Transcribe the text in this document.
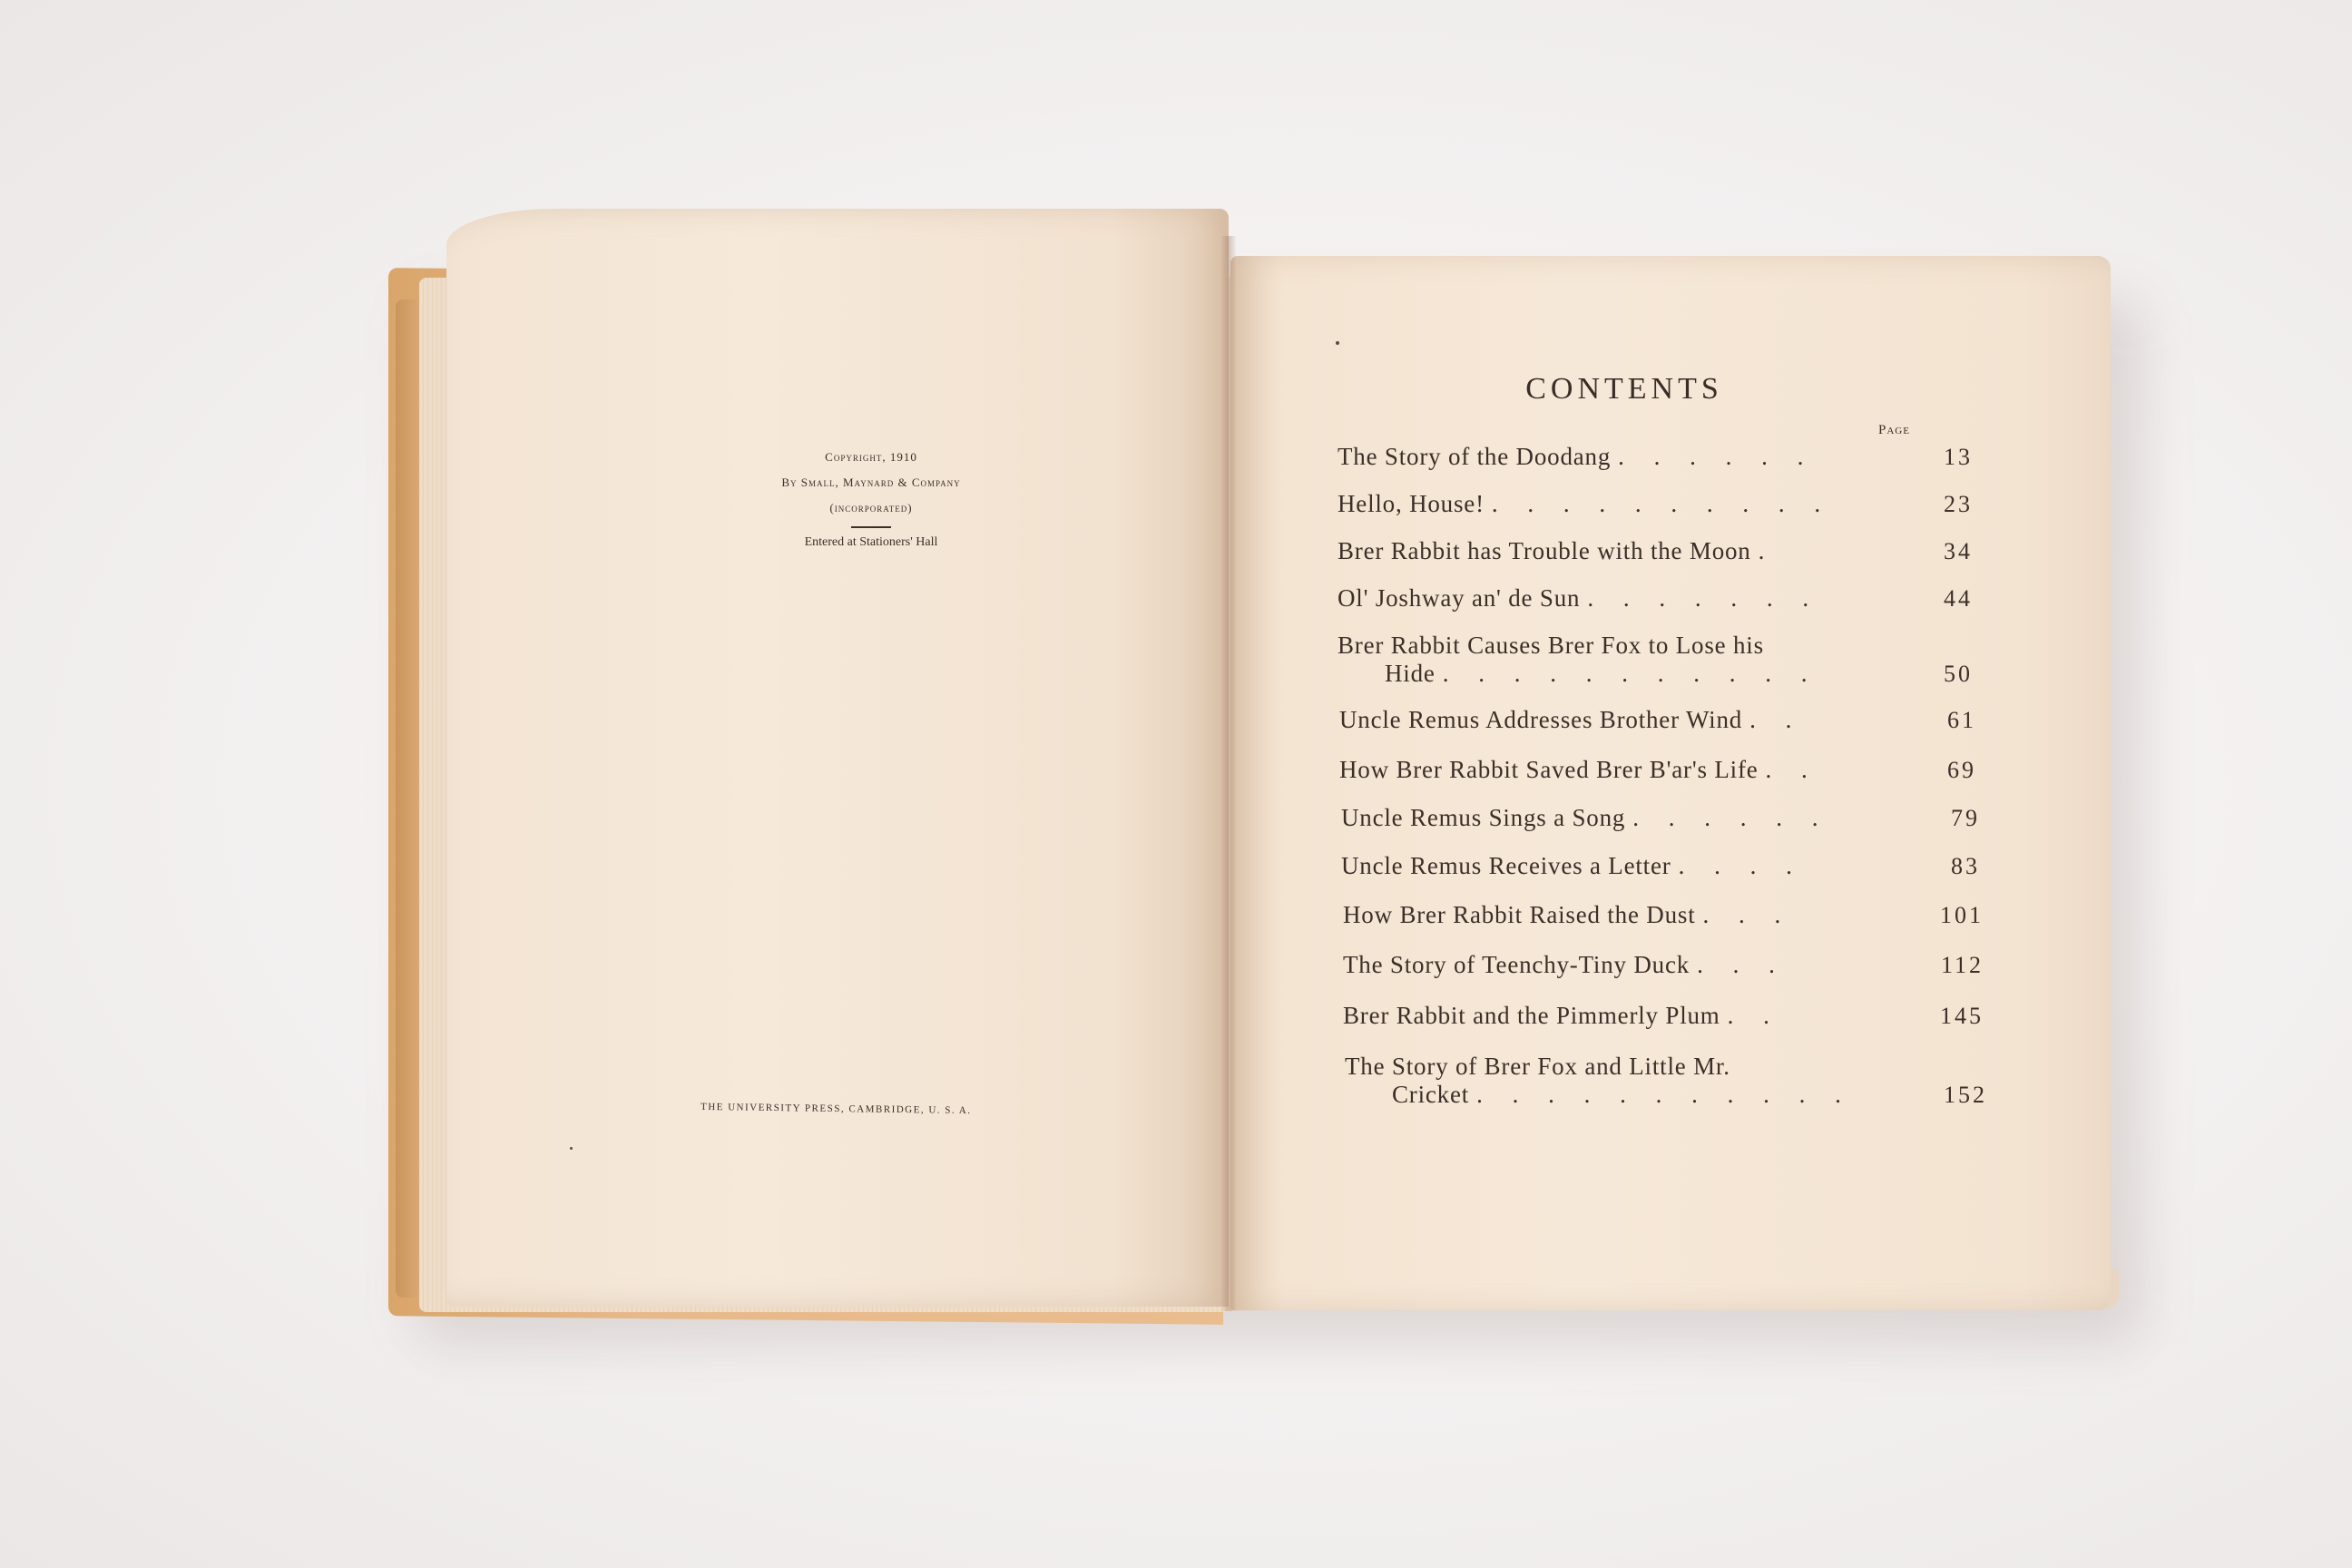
Copyright, 1910
By Small, Maynard & Company
(incorporated)
Entered at Stationers' Hall
THE UNIVERSITY PRESS, CAMBRIDGE, U. S. A.
CONTENTS
Page
The Story of the Doodang . . . . . .	13
Hello, House! . . . . . . . . . .	23
Brer Rabbit has Trouble with the Moon .	34
Ol' Joshway an' de Sun . . . . . . .	44
Brer Rabbit Causes Brer Fox to Lose his
Hide . . . . . . . . . . .	50
Uncle Remus Addresses Brother Wind . .	61
How Brer Rabbit Saved Brer B'ar's Life . .	69
Uncle Remus Sings a Song . . . . . .	79
Uncle Remus Receives a Letter . . . .	83
How Brer Rabbit Raised the Dust . . .	101
The Story of Teenchy-Tiny Duck . . .	112
Brer Rabbit and the Pimmerly Plum . .	145
The Story of Brer Fox and Little Mr.
Cricket . . . . . . . . . . .	152
